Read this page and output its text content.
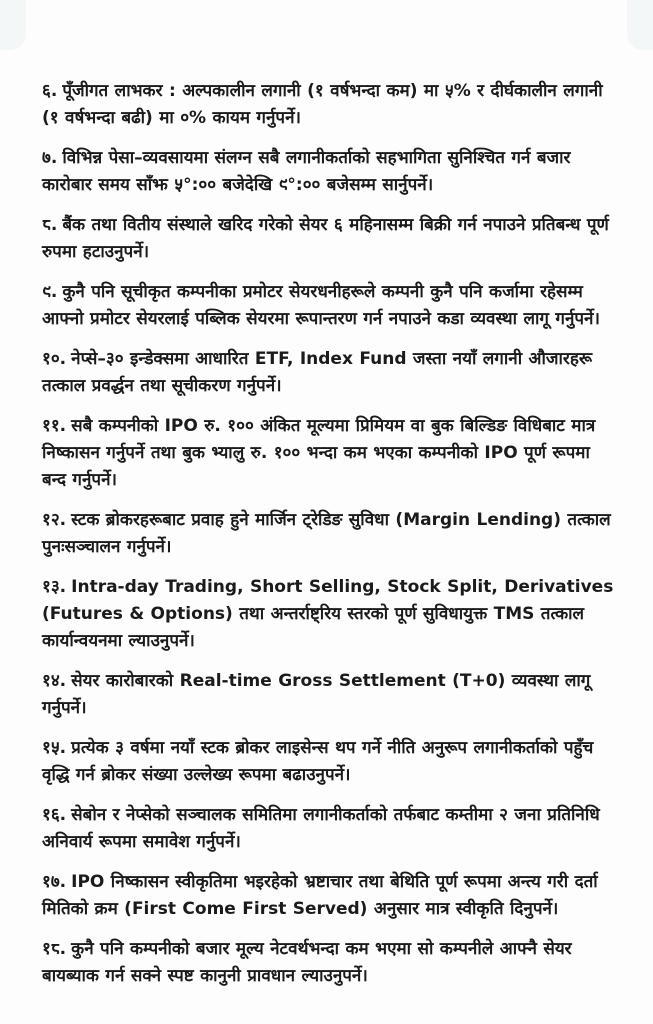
६. पूँजीगत लाभकर : अल्पकालीन लगानी (१ वर्षभन्दा कम) मा ५% र दीर्घकालीन लगानी (१ वर्षभन्दा बढी) मा ०% कायम गर्नुपर्ने।

७. विभिन्न पेसा–व्यवसायमा संलग्न सबै लगानीकर्ताको सहभागिता सुनिश्चित गर्न बजार कारोबार समय साँझ ५°:०० बजेदेखि ९°:०० बजेसम्म सार्नुपर्ने।

८. बैंक तथा वितीय संस्थाले खरिद गरेको सेयर ६ महिनासम्म बिक्री गर्न नपाउने प्रतिबन्ध पूर्ण रुपमा हटाउनुपर्ने।

९. कुनै पनि सूचीकृत कम्पनीका प्रमोटर सेयरधनीहरूले कम्पनी कुनै पनि कर्जामा रहेसम्म आफ्नो प्रमोटर सेयरलाई पब्लिक सेयरमा रूपान्तरण गर्न नपाउने कडा व्यवस्था लागू गर्नुपर्ने।

१०. नेप्से–३० इन्डेक्समा आधारित ETF, Index Fund जस्ता नयाँ लगानी औजारहरू तत्काल प्रवर्द्धन तथा सूचीकरण गर्नुपर्ने।

११. सबै कम्पनीको IPO रु. १०० अंकित मूल्यमा प्रिमियम वा बुक बिल्डिङ विधिबाट मात्र निष्कासन गर्नुपर्ने तथा बुक भ्यालु रु. १०० भन्दा कम भएका कम्पनीको IPO पूर्ण रूपमा बन्द गर्नुपर्ने।

१२. स्टक ब्रोकरहरूबाट प्रवाह हुने मार्जिन ट्रेडिङ सुविधा (Margin Lending) तत्काल पुनःसञ्चालन गर्नुपर्ने।

१३. Intra-day Trading, Short Selling, Stock Split, Derivatives (Futures & Options) तथा अन्तर्राष्ट्रिय स्तरको पूर्ण सुविधायुक्त TMS तत्काल कार्यान्वयनमा ल्याउनुपर्ने।

१४. सेयर कारोबारको Real-time Gross Settlement (T+0) व्यवस्था लागू गर्नुपर्ने।

१५. प्रत्येक ३ वर्षमा नयाँ स्टक ब्रोकर लाइसेन्स थप गर्ने नीति अनुरूप लगानीकर्ताको पहुँच वृद्धि गर्न ब्रोकर संख्या उल्लेख्य रूपमा बढाउनुपर्ने।

१६. सेबोन र नेप्सेको सञ्चालक समितिमा लगानीकर्ताको तर्फबाट कम्तीमा २ जना प्रतिनिधि अनिवार्य रूपमा समावेश गर्नुपर्ने।

१७. IPO निष्कासन स्वीकृतिमा भइरहेको भ्रष्टाचार तथा बेथिति पूर्ण रूपमा अन्त्य गरी दर्ता मितिको क्रम (First Come First Served) अनुसार मात्र स्वीकृति दिनुपर्ने।

१८. कुनै पनि कम्पनीको बजार मूल्य नेटवर्थभन्दा कम भएमा सो कम्पनीले आफ्नै सेयर बायब्याक गर्न सक्ने स्पष्ट कानुनी प्रावधान ल्याउनुपर्ने।
